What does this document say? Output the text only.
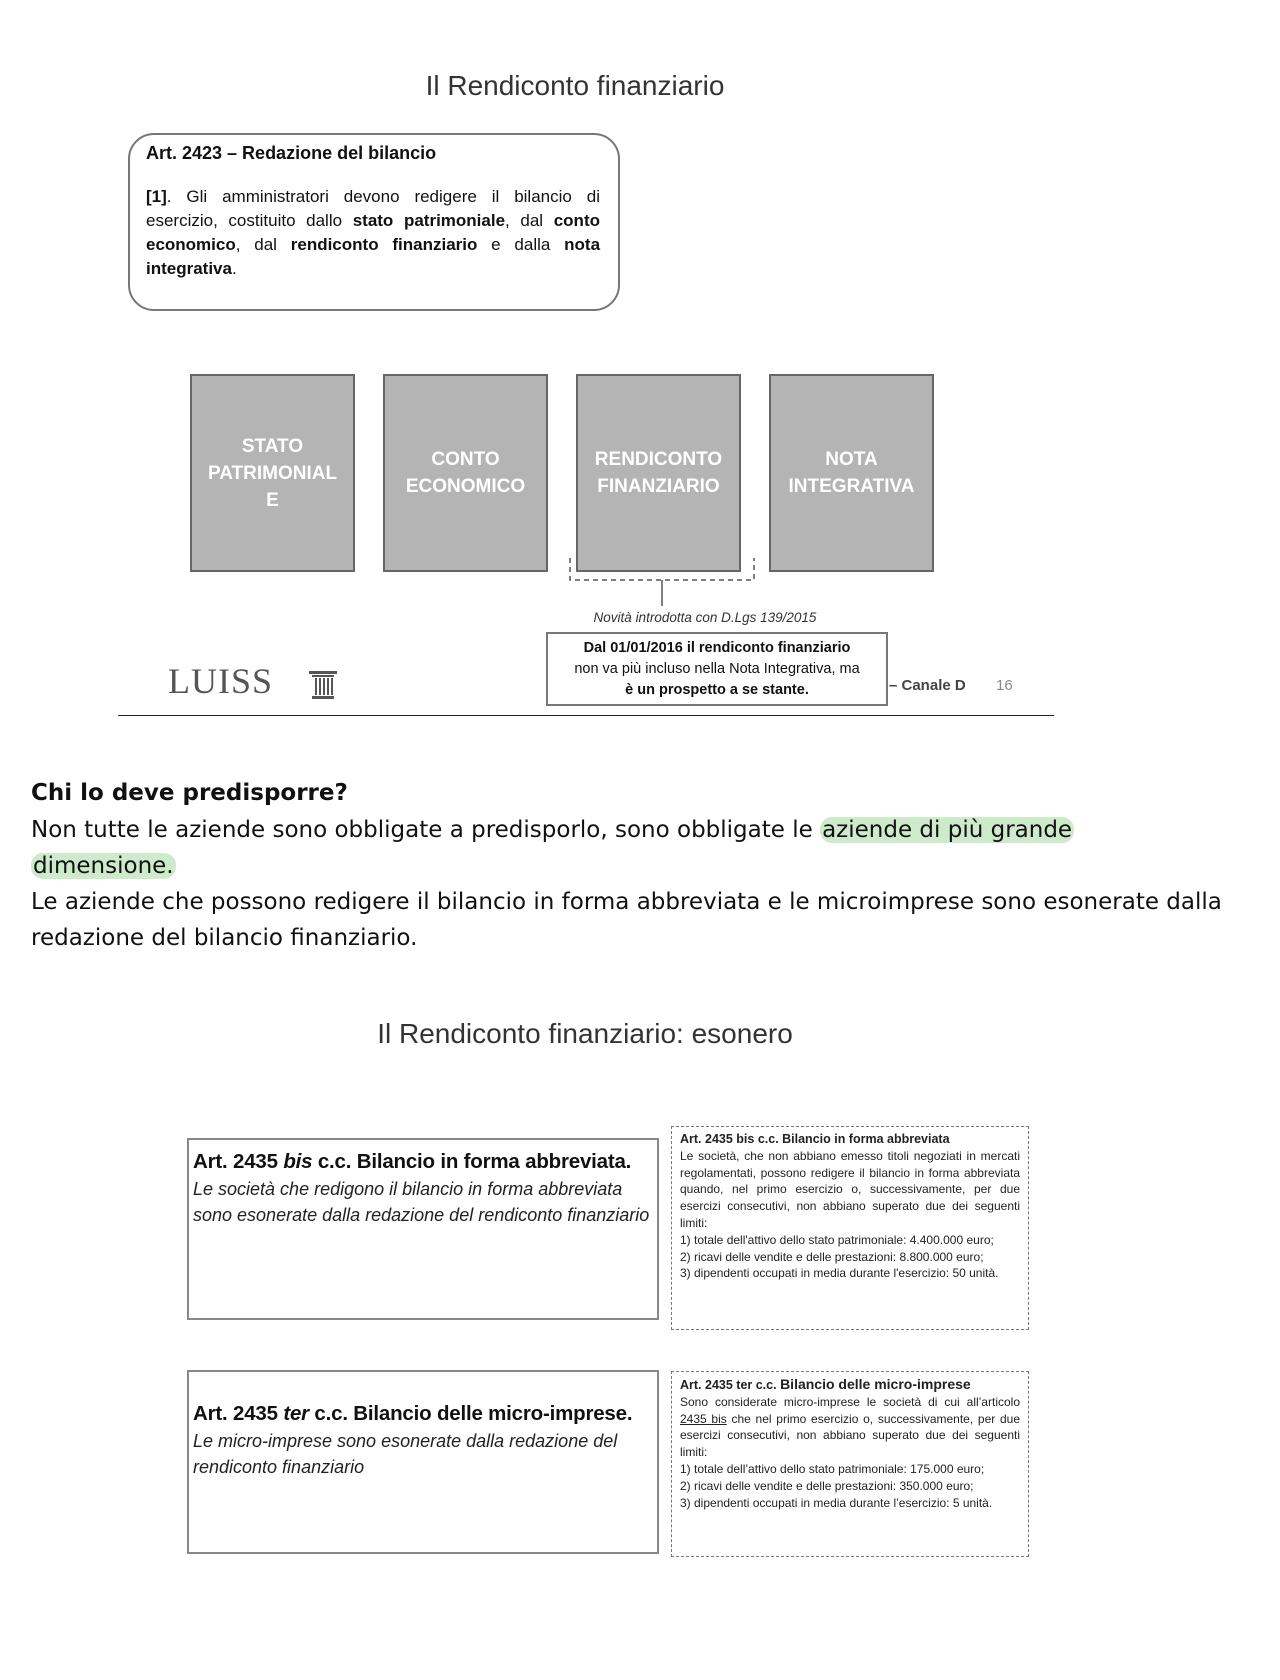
Il Rendiconto finanziario
Art. 2423 – Redazione del bilancio
[1]. Gli amministratori devono redigere il bilancio di esercizio, costituito dallo stato patrimoniale, dal conto economico, dal rendiconto finanziario e dalla nota integrativa.
STATO
PATRIMONIAL
E
CONTO
ECONOMICO
RENDICONTO
FINANZIARIO
NOTA
INTEGRATIVA
Novità introdotta con D.Lgs 139/2015
Dal 01/01/2016 il rendiconto finanziario
non va più incluso nella Nota Integrativa, ma
è un prospetto a se stante.
LUISS	– Canale D 16
Chi lo deve predisporre?
Non tutte le aziende sono obbligate a predisporlo, sono obbligate le aziende di più grande
dimensione.
Le aziende che possono redigere il bilancio in forma abbreviata e le microimprese sono esonerate dalla redazione del bilancio finanziario.
Il Rendiconto finanziario: esonero
Art. 2435 bis c.c. Bilancio in forma abbreviata.
Le società che redigono il bilancio in forma abbreviata sono esonerate dalla redazione del rendiconto finanziario
Art. 2435 bis c.c. Bilancio in forma abbreviata
Le società, che non abbiano emesso titoli negoziati in mercati regolamentati, possono redigere il bilancio in forma abbreviata quando, nel primo esercizio o, successivamente, per due esercizi consecutivi, non abbiano superato due dei seguenti limiti:
1) totale dell'attivo dello stato patrimoniale: 4.400.000 euro;
2) ricavi delle vendite e delle prestazioni: 8.800.000 euro;
3) dipendenti occupati in media durante l'esercizio: 50 unità.
Art. 2435 ter c.c. Bilancio delle micro-imprese.
Le micro-imprese sono esonerate dalla redazione del rendiconto finanziario
Art. 2435 ter c.c. Bilancio delle micro-imprese
Sono considerate micro-imprese le società di cui all’articolo 2435 bis che nel primo esercizio o, successivamente, per due esercizi consecutivi, non abbiano superato due dei seguenti limiti:
1) totale dell’attivo dello stato patrimoniale: 175.000 euro;
2) ricavi delle vendite e delle prestazioni: 350.000 euro;
3) dipendenti occupati in media durante l’esercizio: 5 unità.
